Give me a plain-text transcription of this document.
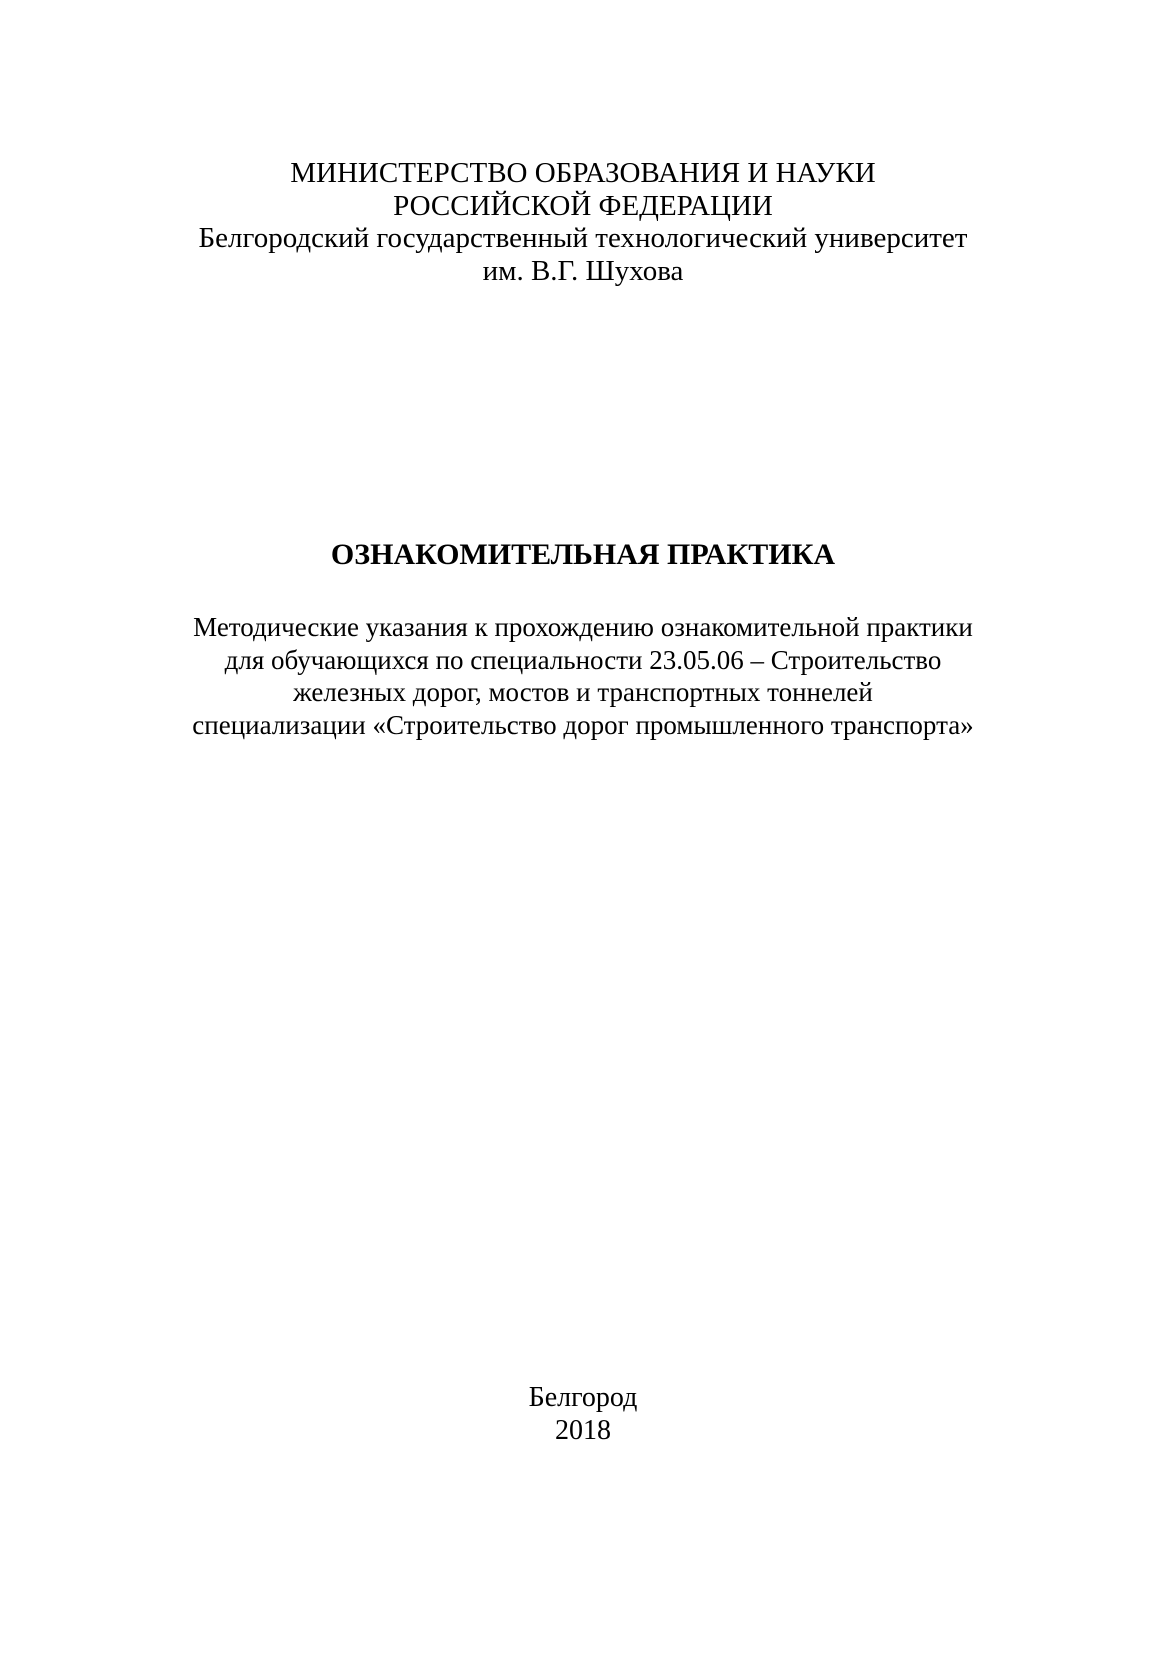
МИНИСТЕРСТВО ОБРАЗОВАНИЯ И НАУКИ
РОССИЙСКОЙ ФЕДЕРАЦИИ
Белгородский государственный технологический университет
им. В.Г. Шухова
ОЗНАКОМИТЕЛЬНАЯ ПРАКТИКА
Методические указания к прохождению ознакомительной практики
для обучающихся по специальности 23.05.06 – Строительство
железных дорог, мостов и транспортных тоннелей
специализации «Строительство дорог промышленного транспорта»
Белгород
2018
